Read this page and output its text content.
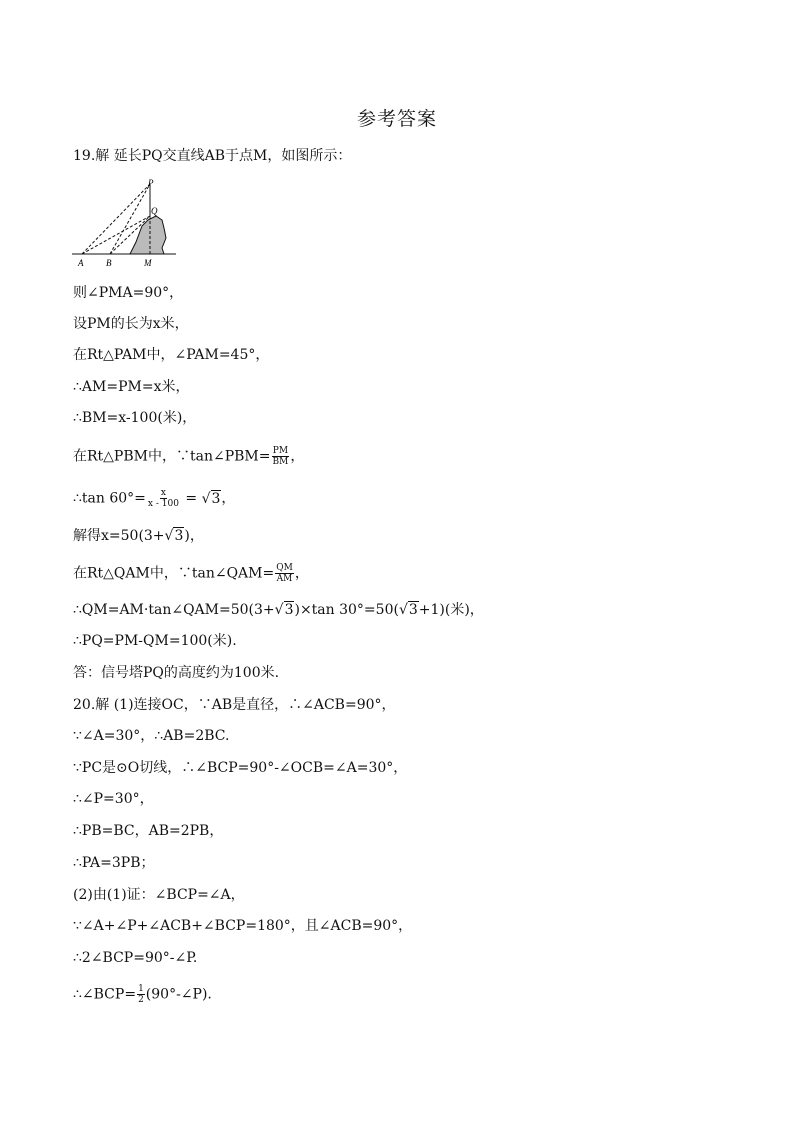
参考答案
19.解 延长PQ交直线AB于点M，如图所示：
P
Q
A	B	M
则∠PMA=90°，
设PM的长为x米，
在Rt△PAM中，∠PAM=45°，
∴AM=PM=x米，
∴BM=x-100(米)，
在Rt△PBM中，∵tan∠PBM= $\frac{PM}{BM}$ ，
∴tan $60^\circ= \frac{x}{x - 100} = √3$，
解得x=50(3+√3)，
在Rt△QAM中，∵tan∠QAM= $\frac{QM}{AM}$ ，
∴QM=AM·tan∠QAM=50(3+√3)×tan 30°=50(√3+1)(米)，
∴PQ=PM-QM=100(米).
答：信号塔PQ的高度约为100米.
20.解 (1)连接OC，∵AB是直径，∴∠ACB=90°，
∵∠A=30°，∴AB=2BC.
∵PC是⊙O切线，∴∠BCP=90°-∠OCB=∠A=30°，
∴∠P=30°，
∴PB=BC，AB=2PB，
∴PA=3PB；
(2)由(1)证：∠BCP=∠A，
∵∠A+∠P+∠ACB+∠BCP=180°，且∠ACB=90°，
∴2∠BCP=90°-∠P.
∴∠BCP= $\frac{1}{2}$ (90°-∠P).
